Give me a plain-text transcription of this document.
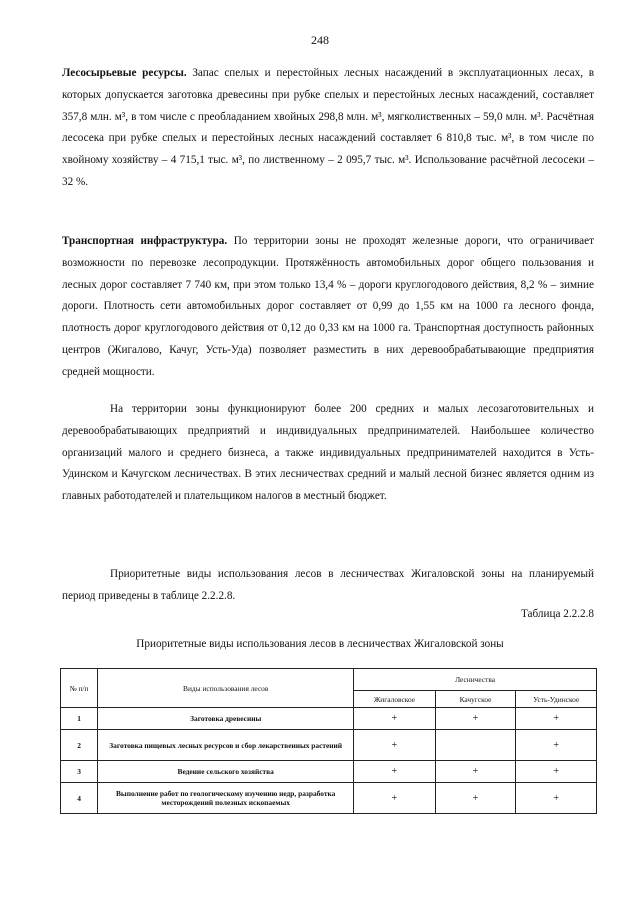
248

Лесосырьевые ресурсы. Запас спелых и перестойных лесных насаждений в эксплуатационных лесах, в которых допускается заготовка древесины при рубке спелых и перестойных лесных насаждений, составляет 357,8 млн. м³, в том числе с преобладанием хвойных 298,8 млн. м³, мягколиственных – 59,0 млн. м³. Расчётная лесосека при рубке спелых и перестойных лесных насаждений составляет 6 810,8 тыс. м³, в том числе по хвойному хозяйству – 4 715,1 тыс. м³, по лиственному – 2 095,7 тыс. м³. Использование расчётной лесосеки – 32 %.

Транспортная инфраструктура. По территории зоны не проходят железные дороги, что ограничивает возможности по перевозке лесопродукции. Протяжённость автомобильных дорог общего пользования и лесных дорог составляет 7 740 км, при этом только 13,4 % – дороги круглогодового действия, 8,2 % – зимние дороги. Плотность сети автомобильных дорог составляет от 0,99 до 1,55 км на 1000 га лесного фонда, плотность дорог круглогодового действия от 0,12 до 0,33 км на 1000 га. Транспортная доступность районных центров (Жигалово, Качуг, Усть-Уда) позволяет разместить в них деревообрабатывающие предприятия средней мощности.

На территории зоны функционируют более 200 средних и малых лесозаготовительных и деревообрабатывающих предприятий и индивидуальных предпринимателей. Наибольшее количество организаций малого и среднего бизнеса, а также индивидуальных предпринимателей находится в Усть-Удинском и Качугском лесничествах. В этих лесничествах средний и малый лесной бизнес является одним из главных работодателей и плательщиком налогов в местный бюджет.

Приоритетные виды использования лесов в лесничествах Жигаловской зоны на планируемый период приведены в таблице 2.2.2.8.

Таблица 2.2.2.8
Приоритетные виды использования лесов в лесничествах Жигаловской зоны
№ п/п	Виды использования лесов	Лесничества		
		Жигаловское	Качугское	Усть-Удинское
1	Заготовка древесины	+	+	+
2	Заготовка пищевых лесных ресурсов и сбор лекарственных растений	+		+
3	Ведение сельского хозяйства	+	+	+
4	Выполнение работ по геологическому изучению недр, разработка месторождений полезных ископаемых	+	+	+
